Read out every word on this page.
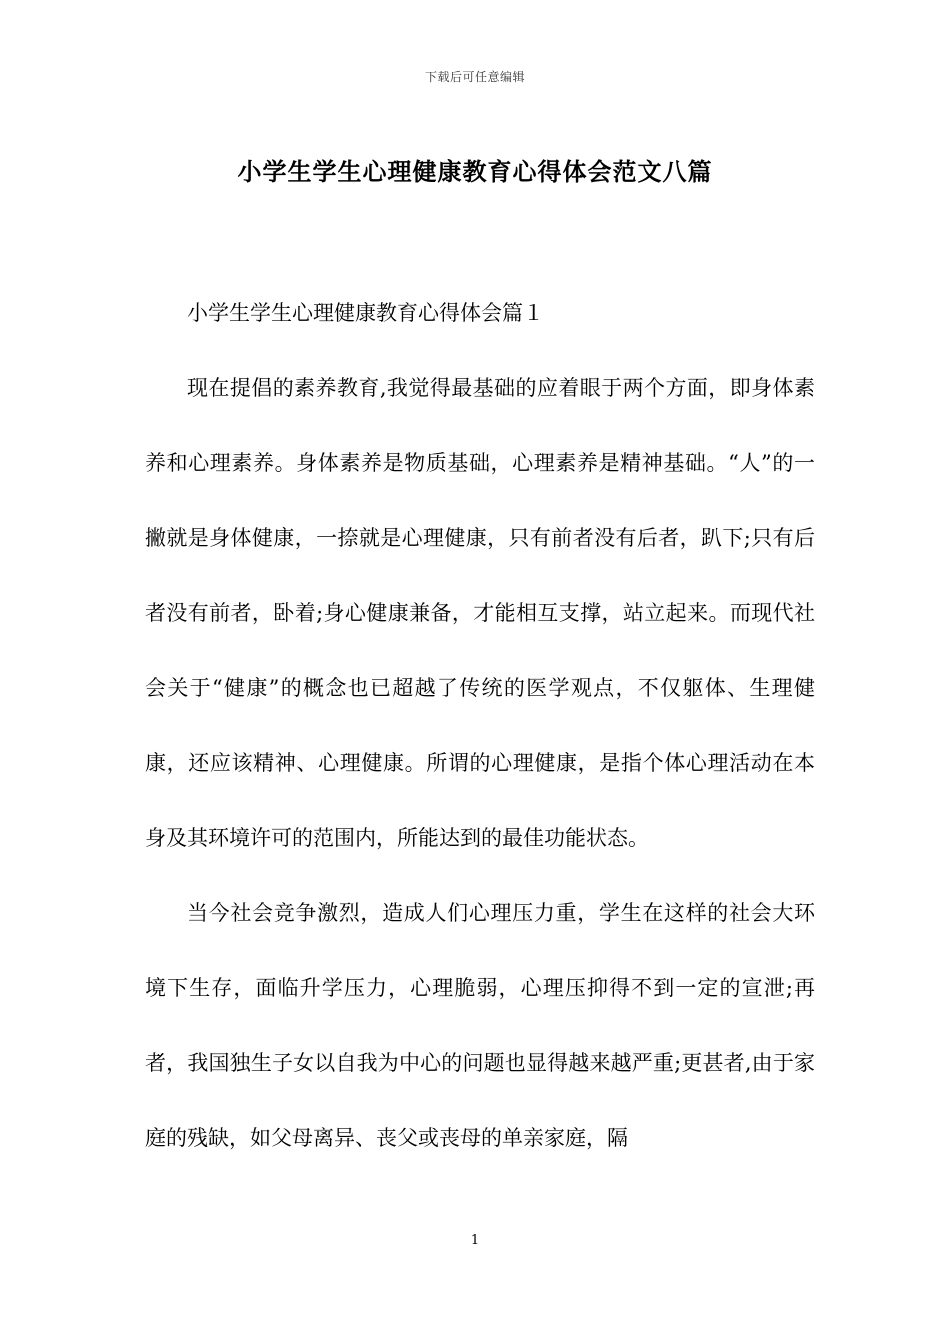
下载后可任意编辑
小学生学生心理健康教育心得体会范文八篇

小学生学生心理健康教育心得体会篇１

现在提倡的素养教育,我觉得最基础的应着眼于两个方面，即身体素养和心理素养。身体素养是物质基础，心理素养是精神基础。“人”的一撇就是身体健康，一捺就是心理健康，只有前者没有后者，趴下;只有后者没有前者，卧着;身心健康兼备，才能相互支撑，站立起来。而现代社会关于“健康”的概念也已超越了传统的医学观点，不仅躯体、生理健康，还应该精神、心理健康。所谓的心理健康，是指个体心理活动在本身及其环境许可的范围内，所能达到的最佳功能状态。

当今社会竞争激烈，造成人们心理压力重，学生在这样的社会大环境下生存，面临升学压力，心理脆弱，心理压抑得不到一定的宣泄;再者，我国独生子女以自我为中心的问题也显得越来越严重;更甚者,由于家庭的残缺，如父母离异、丧父或丧母的单亲家庭，隔

1
